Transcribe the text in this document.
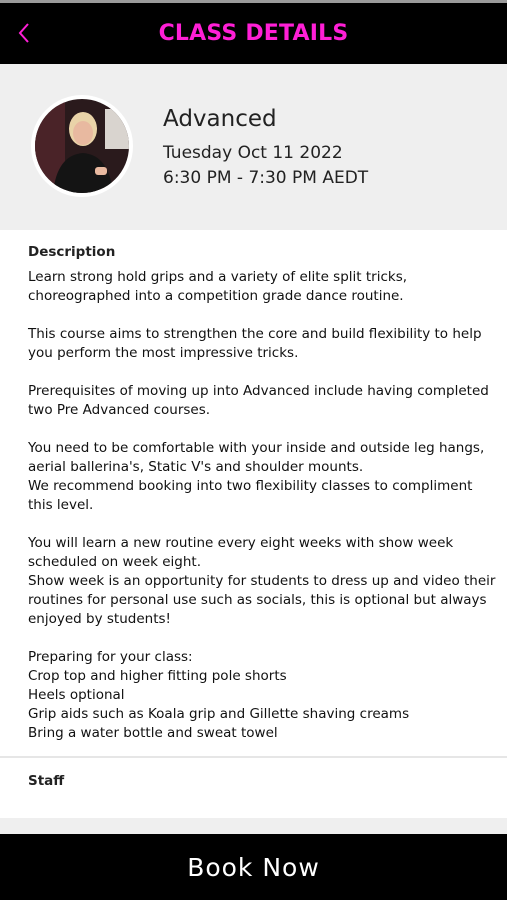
CLASS DETAILS
Advanced
Tuesday Oct 11 2022
6:30 PM - 7:30 PM AEDT
Description
Learn strong hold grips and a variety of elite split tricks,
choreographed into a competition grade dance routine.
This course aims to strengthen the core and build flexibility to help
you perform the most impressive tricks.
Prerequisites of moving up into Advanced include having completed
two Pre Advanced courses.
You need to be comfortable with your inside and outside leg hangs,
aerial ballerina's, Static V's and shoulder mounts.
We recommend booking into two flexibility classes to compliment
this level.
You will learn a new routine every eight weeks with show week
scheduled on week eight.
Show week is an opportunity for students to dress up and video their
routines for personal use such as socials, this is optional but always
enjoyed by students!
Preparing for your class:
Crop top and higher fitting pole shorts
Heels optional
Grip aids such as Koala grip and Gillette shaving creams
Bring a water bottle and sweat towel
Staff
Book Now
